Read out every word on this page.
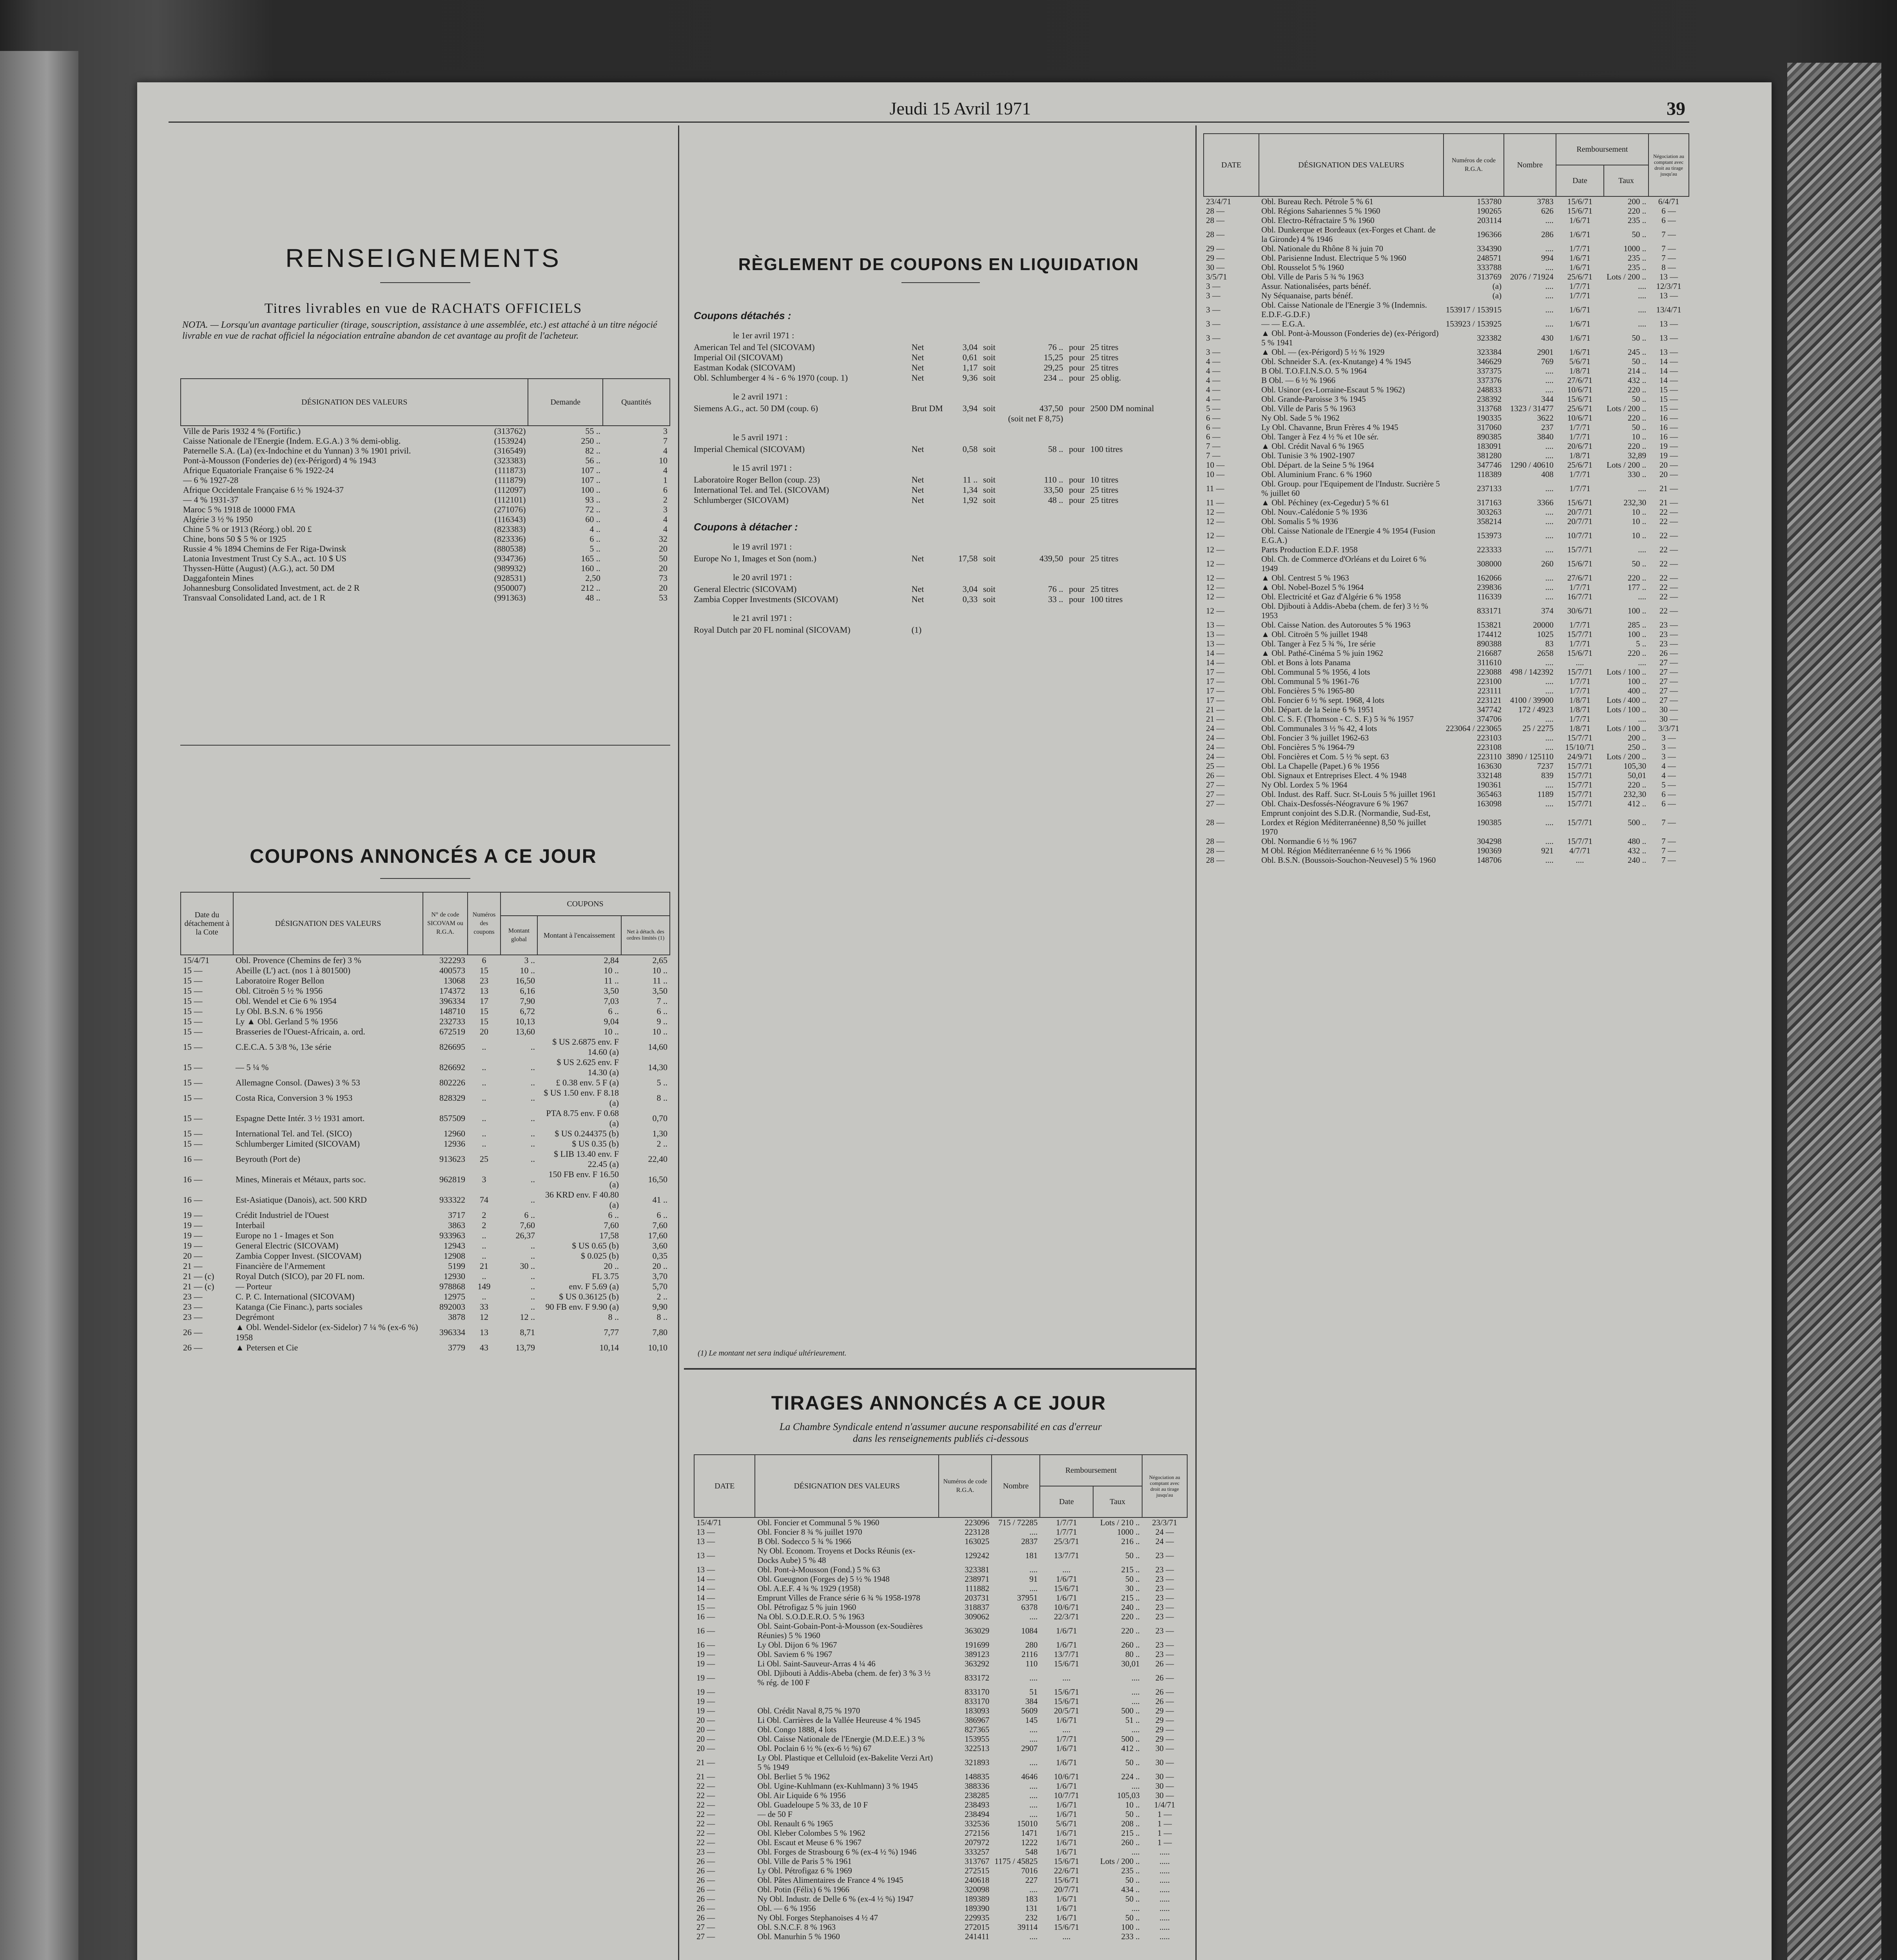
Jeudi 15 Avril 1971	39
RENSEIGNEMENTS
Titres livrables en vue de RACHATS OFFICIELS
NOTA. — Lorsqu'un avantage particulier (tirage, souscription, assistance à une assemblée, etc.) est attaché à un titre négocié livrable en vue de rachat officiel la négociation entraîne abandon de cet avantage au profit de l'acheteur.
DÉSIGNATION DES VALEURS	Demande	Quantités

Ville de Paris 1932 4 % (Fortific.)	(313762)	55 ..	3

Caisse Nationale de l'Energie (Indem. E.G.A.) 3 % demi-oblig.	(153924)	250 ..	7

Paternelle S.A. (La) (ex-Indochine et du Yunnan) 3 % 1901 privil.	(316549)	82 ..	4

Pont-à-Mousson (Fonderies de) (ex-Périgord) 4 % 1943	(323383)	56 ..	10

Afrique Equatoriale Française 6 % 1922-24	(111873)	107 ..	4

— 6 % 1927-28	(111879)	107 ..	1

Afrique Occidentale Française 6 ½ % 1924-37	(112097)	100 ..	6

— 4 % 1931-37	(112101)	93 ..	2

Maroc 5 % 1918 de 10000 FMA	(271076)	72 ..	3

Algérie 3 ½ % 1950	(116343)	60 ..	4

Chine 5 % or 1913 (Réorg.) obl. 20 £	(823383)	4 ..	4

Chine, bons 50 $ 5 % or 1925	(823336)	6 ..	32

Russie 4 % 1894 Chemins de Fer Riga-Dwinsk	(880538)	5 ..	20

Latonia Investment Trust Cy S.A., act. 10 $ US	(934736)	165 ..	50

Thyssen-Hütte (August) (A.G.), act. 50 DM	(989932)	160 ..	20

Daggafontein Mines	(928531)	2,50	73

Johannesburg Consolidated Investment, act. de 2 R	(950007)	212 ..	20

Transvaal Consolidated Land, act. de 1 R	(991363)	48 ..	53
COUPONS ANNONCÉS A CE JOUR
Date du détachement à la Cote	DÉSIGNATION DES VALEURS	N° de code SICOVAM ou R.G.A.	Numéros des coupons	COUPONS		
				Montant global	Montant à l'encaissement	Net à détach. des ordres limités (1)
15/4/71	Obl. Provence (Chemins de fer) 3 %	322293	6	3 ..	2,84	2,65
15 —	Abeille (L') act. (nos 1 à 801500)	400573	15	10 ..	10 ..	10 ..
15 —	Laboratoire Roger Bellon	13068	23	16,50	11 ..	11 ..
15 —	Obl. Citroën 5 ½ % 1956	174372	13	6,16	3,50	3,50
15 —	Obl. Wendel et Cie 6 % 1954	396334	17	7,90	7,03	7 ..
15 —	Ly Obl. B.S.N. 6 % 1956	148710	15	6,72	6 ..	6 ..
15 —	Ly ▲ Obl. Gerland 5 % 1956	232733	15	10,13	9,04	9 ..
15 —	Brasseries de l'Ouest-Africain, a. ord.	672519	20	13,60	10 ..	10 ..
15 —	C.E.C.A. 5 3/8 %, 13e série	826695	..	..	$ US 2.6875 env. F 14.60 (a)	14,60
15 —	— 5 ¼ %	826692	..	..	$ US 2.625 env. F 14.30 (a)	14,30
15 —	Allemagne Consol. (Dawes) 3 % 53	802226	..	..	£ 0.38 env. 5 F (a)	5 ..
15 —	Costa Rica, Conversion 3 % 1953	828329	..	..	$ US 1.50 env. F 8.18 (a)	8 ..
15 —	Espagne Dette Intér. 3 ½ 1931 amort.	857509	..	..	PTA 8.75 env. F 0.68 (a)	0,70
15 —	International Tel. and Tel. (SICO)	12960	..	..	$ US 0.244375 (b)	1,30
15 —	Schlumberger Limited (SICOVAM)	12936	..	..	$ US 0.35 (b)	2 ..
16 —	Beyrouth (Port de)	913623	25	..	$ LIB 13.40 env. F 22.45 (a)	22,40
16 —	Mines, Minerais et Métaux, parts soc.	962819	3	..	150 FB env. F 16.50 (a)	16,50
16 —	Est-Asiatique (Danois), act. 500 KRD	933322	74	..	36 KRD env. F 40.80 (a)	41 ..
19 —	Crédit Industriel de l'Ouest	3717	2	6 ..	6 ..	6 ..
19 —	Interbail	3863	2	7,60	7,60	7,60
19 —	Europe no 1 - Images et Son	933963	..	26,37	17,58	17,60
19 —	General Electric (SICOVAM)	12943	..	..	$ US 0.65 (b)	3,60
20 —	Zambia Copper Invest. (SICOVAM)	12908	..	..	$ 0.025 (b)	0,35
21 —	Financière de l'Armement	5199	21	30 ..	20 ..	20 ..
21 — (c)	Royal Dutch (SICO), par 20 FL nom.	12930	..	..	FL 3.75	3,70
21 — (c)	— Porteur	978868	149	..	env. F 5.69 (a)	5,70
23 —	C. P. C. International (SICOVAM)	12975	..	..	$ US 0.36125 (b)	2 ..
23 —	Katanga (Cie Financ.), parts sociales	892003	33	..	90 FB env. F 9.90 (a)	9,90
23 —	Degrémont	3878	12	12 ..	8 ..	8 ..
26 —	▲ Obl. Wendel-Sidelor (ex-Sidelor) 7 ¼ % (ex-6 %) 1958	396334	13	8,71	7,77	7,80
26 —	▲ Petersen et Cie	3779	43	13,79	10,14	10,10
RÈGLEMENT DE COUPONS EN LIQUIDATION
Coupons détachés :
le 1er avril 1971 :
American Tel and Tel (SICOVAM)	Net	3,04 soit	76 .. pour 25 titres
Imperial Oil (SICOVAM)	Net	0,61 soit	15,25 pour 25 titres
Eastman Kodak (SICOVAM)	Net	1,17 soit	29,25 pour 25 titres
Obl. Schlumberger 4 ¾ - 6 % 1970 (coup. 1)	Net	9,36 soit	234 .. pour 25 oblig.
le 2 avril 1971 :
Siemens A.G., act. 50 DM (coup. 6)	Brut DM	3,94 soit	437,50 pour 2500 DM nominal
(soit net F 8,75)
le 5 avril 1971 :
Imperial Chemical (SICOVAM)	Net	0,58 soit	58 .. pour 100 titres
le 15 avril 1971 :
Laboratoire Roger Bellon (coup. 23)	Net	11 .. soit	110 .. pour 10 titres
International Tel. and Tel. (SICOVAM)	Net	1,34 soit	33,50 pour 25 titres
Schlumberger (SICOVAM)	Net	1,92 soit	48 .. pour 25 titres
Coupons à détacher :
le 19 avril 1971 :
Europe No 1, Images et Son (nom.)	Net	17,58 soit	439,50 pour 25 titres
le 20 avril 1971 :
General Electric (SICOVAM)	Net	3,04 soit	76 .. pour 25 titres
Zambia Copper Investments (SICOVAM)	Net	0,33 soit	33 .. pour 100 titres
le 21 avril 1971 :
Royal Dutch par 20 FL nominal (SICOVAM)	(1)
(1) Le montant net sera indiqué ultérieurement.
TIRAGES ANNONCÉS A CE JOUR
La Chambre Syndicale entend n'assumer aucune responsabilité en cas d'erreur dans les renseignements publiés ci-dessous
DATE	DÉSIGNATION DES VALEURS	Numéros de code R.G.A.	Nombre	Remboursement		Négociation au comptant avec droit au tirage jusqu'au
				Date	Taux	
15/4/71	Obl. Foncier et Communal 5 % 1960	223096	715 / 72285	1/7/71	Lots / 210 ..	23/3/71
13 —	Obl. Foncier 8 ¾ % juillet 1970	223128	....	1/7/71	1000 ..	24 —
13 —	B Obl. Sodecco 5 ¾ % 1966	163025	2837	25/3/71	216 ..	24 —
13 —	Ny Obl. Econom. Troyens et Docks Réunis (ex-Docks Aube) 5 % 48	129242	181	13/7/71	50 ..	23 —
13 —	Obl. Pont-à-Mousson (Fond.) 5 % 63	323381	....	....	215 ..	23 —
14 —	Obl. Gueugnon (Forges de) 5 ½ % 1948	238971	91	1/6/71	50 ..	23 —
14 —	Obl. A.E.F. 4 ¾ % 1929 (1958)	111882	....	15/6/71	30 ..	23 —
14 —	Emprunt Villes de France série 6 ¾ % 1958-1978	203731	37951	1/6/71	215 ..	23 —
15 —	Obl. Pétrofigaz 5 % juin 1960	318837	6378	10/6/71	240 ..	23 —
16 —	Na Obl. S.O.D.E.R.O. 5 % 1963	309062	....	22/3/71	220 ..	23 —
16 —	Obl. Saint-Gobain-Pont-à-Mousson (ex-Soudières Réunies) 5 % 1960	363029	1084	1/6/71	220 ..	23 —
16 —	Ly Obl. Dijon 6 % 1967	191699	280	1/6/71	260 ..	23 —
19 —	Obl. Saviem 6 % 1967	389123	2116	13/7/71	80 ..	23 —
19 —	Li Obl. Saint-Sauveur-Arras 4 ¼ 46	363292	110	15/6/71	30,01	26 —
19 —	Obl. Djibouti à Addis-Abeba (chem. de fer) 3 % 3 ½ % rég. de 100 F	833172	....	....	....	26 —
19 —		833170	51	15/6/71	....	26 —
19 —		833170	384	15/6/71	....	26 —
19 —	Obl. Crédit Naval 8,75 % 1970	183093	5609	20/5/71	500 ..	29 —
20 —	Li Obl. Carrières de la Vallée Heureuse 4 % 1945	386967	145	1/6/71	51 ..	29 —
20 —	Obl. Congo 1888, 4 lots	827365	....	....	....	29 —
20 —	Obl. Caisse Nationale de l'Energie (M.D.E.E.) 3 %	153955	....	1/7/71	500 ..	29 —
20 —	Obl. Poclain 6 ½ % (ex-6 ½ %) 67	322513	2907	1/6/71	412 ..	30 —
21 —	Ly Obl. Plastique et Celluloid (ex-Bakelite Verzi Art) 5 % 1949	321893	....	1/6/71	50 ..	30 —
21 —	Obl. Berliet 5 % 1962	148835	4646	10/6/71	224 ..	30 —
22 —	Obl. Ugine-Kuhlmann (ex-Kuhlmann) 3 % 1945	388336	....	1/6/71	....	30 —
22 —	Obl. Air Liquide 6 % 1956	238285	....	10/7/71	105,03	30 —
22 —	Obl. Guadeloupe 5 % 33, de 10 F	238493	....	1/6/71	10 ..	1/4/71
22 —	— de 50 F	238494	....	1/6/71	50 ..	1 —
22 —	Obl. Renault 6 % 1965	332536	15010	5/6/71	208 ..	1 —
22 —	Obl. Kleber Colombes 5 % 1962	272156	1471	1/6/71	215 ..	1 —
22 —	Obl. Escaut et Meuse 6 % 1967	207972	1222	1/6/71	260 ..	1 —
23 —	Obl. Forges de Strasbourg 6 % (ex-4 ½ %) 1946	333257	548	1/6/71	....	.....
26 —	Obl. Ville de Paris 5 % 1961	313767	1175 / 45825	15/6/71	Lots / 200 ..	.....
26 —	Ly Obl. Pétrofigaz 6 % 1969	272515	7016	22/6/71	235 ..	.....
26 —	Obl. Pâtes Alimentaires de France 4 % 1945	240618	227	15/6/71	50 ..	.....
26 —	Obl. Potin (Félix) 6 % 1966	320098	....	20/7/71	434 ..	.....
26 —	Ny Obl. Industr. de Delle 6 % (ex-4 ½ %) 1947	189389	183	1/6/71	50 ..	.....
26 —	Obl. — 6 % 1956	189390	131	1/6/71	....	.....
26 —	Ny Obl. Forges Stephanoises 4 ½ 47	229935	232	1/6/71	50 ..	.....
27 —	Obl. S.N.C.F. 8 % 1963	272015	39114	15/6/71	100 ..	.....
27 —	Obl. Manurhin 5 % 1960	241411	....	....	233 ..	.....
DATE	DÉSIGNATION DES VALEURS	Numéros de code R.G.A.	Nombre	Remboursement		Négociation au comptant avec droit au tirage jusqu'au
				Date	Taux	
23/4/71	Obl. Bureau Rech. Pétrole 5 % 61	153780	3783	15/6/71	200 ..	6/4/71
28 —	Obl. Régions Sahariennes 5 % 1960	190265	626	15/6/71	220 ..	6 —
28 —	Obl. Electro-Réfractaire 5 % 1960	203114	....	1/6/71	235 ..	6 —
28 —	Obl. Dunkerque et Bordeaux (ex-Forges et Chant. de la Gironde) 4 % 1946	196366	286	1/6/71	50 ..	7 —
29 —	Obl. Nationale du Rhône 8 ¾ juin 70	334390	....	1/7/71	1000 ..	7 —
29 —	Obl. Parisienne Indust. Electrique 5 % 1960	248571	994	1/6/71	235 ..	7 —
30 —	Obl. Rousselot 5 % 1960	333788	....	1/6/71	235 ..	8 —
3/5/71	Obl. Ville de Paris 5 ¾ % 1963	313769	2076 / 71924	25/6/71	Lots / 200 ..	13 —
3 —	Assur. Nationalisées, parts bénéf.	(a)	....	1/7/71	....	12/3/71
3 —	Ny Séquanaise, parts bénéf.	(a)	....	1/7/71	....	13 —
3 —	Obl. Caisse Nationale de l'Energie 3 % (Indemnis. E.D.F.-G.D.F.)	153917 / 153915	....	1/6/71	....	13/4/71
3 —	— — E.G.A.	153923 / 153925	....	1/6/71	....	13 —
3 —	▲ Obl. Pont-à-Mousson (Fonderies de) (ex-Périgord) 5 % 1941	323382	430	1/6/71	50 ..	13 —
3 —	▲ Obl. — (ex-Périgord) 5 ½ % 1929	323384	2901	1/6/71	245 ..	13 —
4 —	Obl. Schneider S.A. (ex-Knutange) 4 % 1945	346629	769	5/6/71	50 ..	14 —
4 —	B Obl. T.O.F.I.N.S.O. 5 % 1964	337375	....	1/8/71	214 ..	14 —
4 —	B Obl. — 6 ½ % 1966	337376	....	27/6/71	432 ..	14 —
4 —	Obl. Usinor (ex-Lorraine-Escaut 5 % 1962)	248833	....	10/6/71	220 ..	15 —
4 —	Obl. Grande-Paroisse 3 % 1945	238392	344	15/6/71	50 ..	15 —
5 —	Obl. Ville de Paris 5 % 1963	313768	1323 / 31477	25/6/71	Lots / 200 ..	15 —
6 —	Ny Obl. Sade 5 % 1962	190335	3622	10/6/71	220 ..	16 —
6 —	Ly Obl. Chavanne, Brun Frères 4 % 1945	317060	237	1/7/71	50 ..	16 —
6 —	Obl. Tanger à Fez 4 ½ % et 10e sér.	890385	3840	1/7/71	10 ..	16 —
7 —	▲ Obl. Crédit Naval 6 % 1965	183091	....	20/6/71	220 ..	19 —
7 —	Obl. Tunisie 3 % 1902-1907	381280	....	1/8/71	32,89	19 —
10 —	Obl. Départ. de la Seine 5 % 1964	347746	1290 / 40610	25/6/71	Lots / 200 ..	20 —
10 —	Obl. Aluminium Franc. 6 % 1960	118389	408	1/7/71	330 ..	20 —
11 —	Obl. Group. pour l'Equipement de l'Industr. Sucrière 5 % juillet 60	237133	....	1/7/71	....	21 —
11 —	▲ Obl. Péchiney (ex-Cegedur) 5 % 61	317163	3366	15/6/71	232,30	21 —
12 —	Obl. Nouv.-Calédonie 5 % 1936	303263	....	20/7/71	10 ..	22 —
12 —	Obl. Somalis 5 % 1936	358214	....	20/7/71	10 ..	22 —
12 —	Obl. Caisse Nationale de l'Energie 4 % 1954 (Fusion E.G.A.)	153973	....	10/7/71	10 ..	22 —
12 —	Parts Production E.D.F. 1958	223333	....	15/7/71	....	22 —
12 —	Obl. Ch. de Commerce d'Orléans et du Loiret 6 % 1949	308000	260	15/6/71	50 ..	22 —
12 —	▲ Obl. Centrest 5 % 1963	162066	....	27/6/71	220 ..	22 —
12 —	▲ Obl. Nobel-Bozel 5 % 1964	239836	....	1/7/71	177 ..	22 —
12 —	Obl. Electricité et Gaz d'Algérie 6 % 1958	116339	....	16/7/71	....	22 —
12 —	Obl. Djibouti à Addis-Abeba (chem. de fer) 3 ½ % 1953	833171	374	30/6/71	100 ..	22 —
13 —	Obl. Caisse Nation. des Autoroutes 5 % 1963	153821	20000	1/7/71	285 ..	23 —
13 —	▲ Obl. Citroën 5 % juillet 1948	174412	1025	15/7/71	100 ..	23 —
13 —	Obl. Tanger à Fez 5 ¾ %, 1re série	890388	83	1/7/71	5 ..	23 —
14 —	▲ Obl. Pathé-Cinéma 5 % juin 1962	216687	2658	15/6/71	220 ..	26 —
14 —	Obl. et Bons à lots Panama	311610	....	....	....	27 —
17 —	Obl. Communal 5 % 1956, 4 lots	223088	498 / 142392	15/7/71	Lots / 100 ..	27 —
17 —	Obl. Communal 5 % 1961-76	223100	....	1/7/71	100 ..	27 —
17 —	Obl. Foncières 5 % 1965-80	223111	....	1/7/71	400 ..	27 —
17 —	Obl. Foncier 6 ½ % sept. 1968, 4 lots	223121	4100 / 39900	1/8/71	Lots / 400 ..	27 —
21 —	Obl. Départ. de la Seine 6 % 1951	347742	172 / 4923	1/8/71	Lots / 100 ..	30 —
21 —	Obl. C. S. F. (Thomson - C. S. F.) 5 ¾ % 1957	374706	....	1/7/71	....	30 —
24 —	Obl. Communales 3 ½ % 42, 4 lots	223064 / 223065	25 / 2275	1/8/71	Lots / 100 ..	3/3/71
24 —	Obl. Foncier 3 % juillet 1962-63	223103	....	15/7/71	200 ..	3 —
24 —	Obl. Foncières 5 % 1964-79	223108	....	15/10/71	250 ..	3 —
24 —	Obl. Foncières et Com. 5 ½ % sept. 63	223110	3890 / 125110	24/9/71	Lots / 200 ..	3 —
25 —	Obl. La Chapelle (Papet.) 6 % 1956	163630	7237	15/7/71	105,30	4 —
26 —	Obl. Signaux et Entreprises Elect. 4 % 1948	332148	839	15/7/71	50,01	4 —
27 —	Ny Obl. Lordex 5 % 1964	190361	....	15/7/71	220 ..	5 —
27 —	Obl. Indust. des Raff. Sucr. St-Louis 5 % juillet 1961	365463	1189	15/7/71	232,30	6 —
27 —	Obl. Chaix-Desfossés-Néogravure 6 % 1967	163098	....	15/7/71	412 ..	6 —
28 —	Emprunt conjoint des S.D.R. (Normandie, Sud-Est, Lordex et Région Méditerranéenne) 8,50 % juillet 1970	190385	....	15/7/71	500 ..	7 —
28 —	Obl. Normandie 6 ½ % 1967	304298	....	15/7/71	480 ..	7 —
28 —	M Obl. Région Méditerranéenne 6 ½ % 1966	190369	921	4/7/71	432 ..	7 —
28 —	Obl. B.S.N. (Boussois-Souchon-Neuvesel) 5 % 1960	148706	....	....	240 ..	7 —
